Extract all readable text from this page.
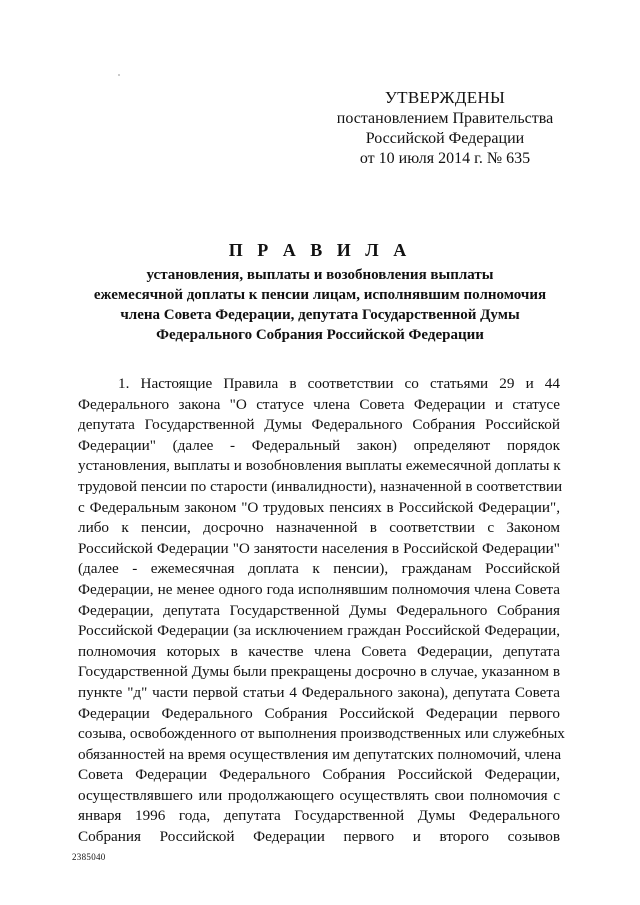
УТВЕРЖДЕНЫ
постановлением Правительства
Российской Федерации
от 10 июля 2014 г. № 635
П Р А В И Л А
установления, выплаты и возобновления выплаты
ежемесячной доплаты к пенсии лицам, исполнявшим полномочия
члена Совета Федерации, депутата Государственной Думы
Федерального Собрания Российской Федерации
1. Настоящие Правила в соответствии со статьями 29 и 44
Федерального закона "О статусе члена Совета Федерации и статусе
депутата Государственной Думы Федерального Собрания Российской
Федерации" (далее - Федеральный закон) определяют порядок
установления, выплаты и возобновления выплаты ежемесячной доплаты к
трудовой пенсии по старости (инвалидности), назначенной в соответствии
с Федеральным законом "О трудовых пенсиях в Российской Федерации",
либо к пенсии, досрочно назначенной в соответствии с Законом
Российской Федерации "О занятости населения в Российской Федерации"
(далее - ежемесячная доплата к пенсии), гражданам Российской
Федерации, не менее одного года исполнявшим полномочия члена Совета
Федерации, депутата Государственной Думы Федерального Собрания
Российской Федерации (за исключением граждан Российской Федерации,
полномочия которых в качестве члена Совета Федерации, депутата
Государственной Думы были прекращены досрочно в случае, указанном в
пункте "д" части первой статьи 4 Федерального закона), депутата Совета
Федерации Федерального Собрания Российской Федерации первого
созыва, освобожденного от выполнения производственных или служебных
обязанностей на время осуществления им депутатских полномочий, члена
Совета Федерации Федерального Собрания Российской Федерации,
осуществлявшего или продолжающего осуществлять свои полномочия с
января 1996 года, депутата Государственной Думы Федерального
Собрания Российской Федерации первого и второго созывов
2385040
